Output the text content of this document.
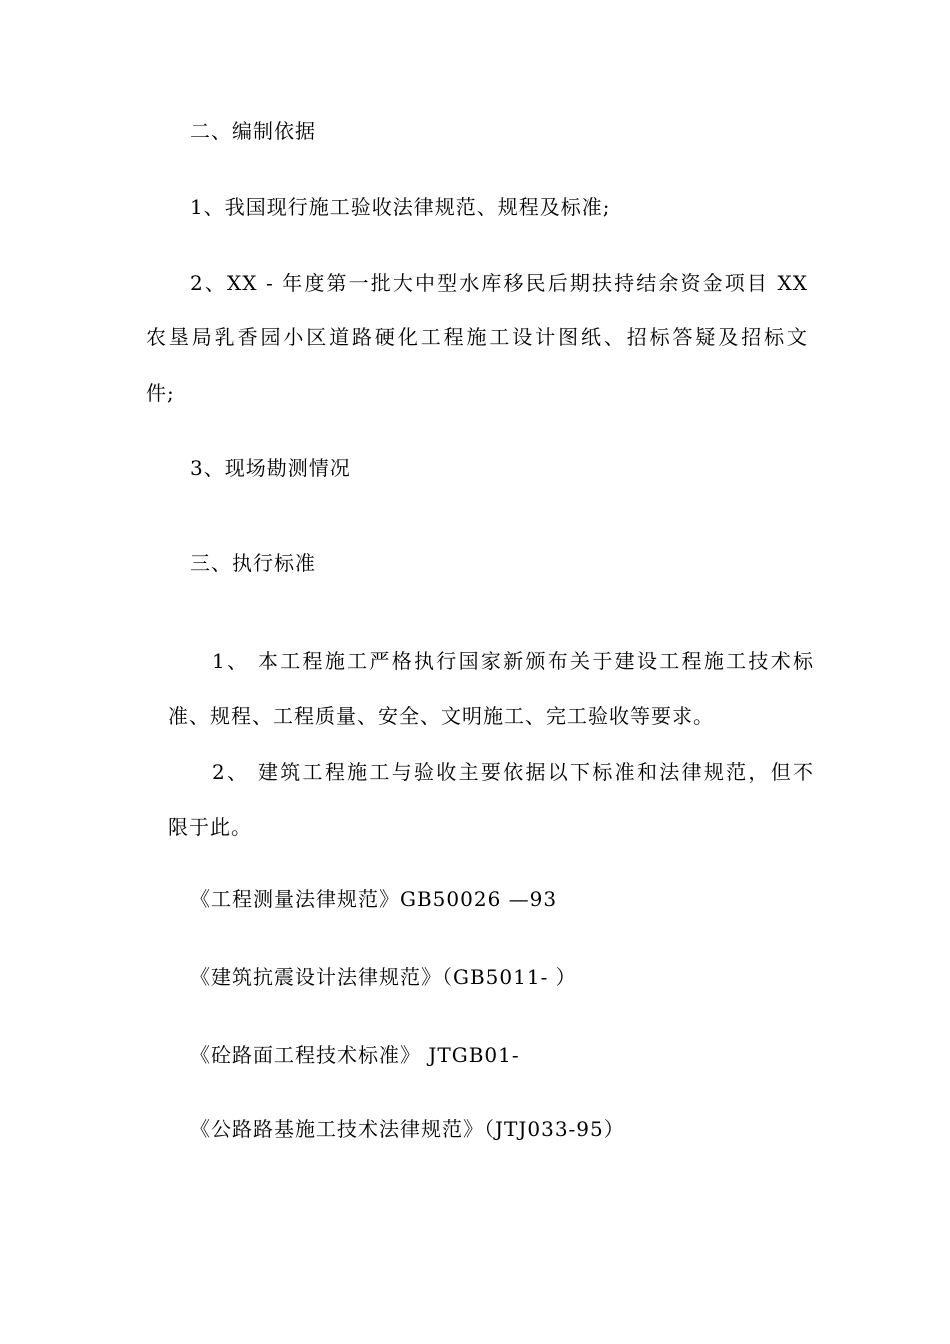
二、编制依据
1、我国现行施工验收法律规范、规程及标准;
2、XX - 年度第一批大中型水库移民后期扶持结余资金项目 XX
农垦局乳香园小区道路硬化工程施工设计图纸、招标答疑及招标文
件;
3、现场勘测情况
三、执行标准
1、 本工程施工严格执行国家新颁布关于建设工程施工技术标
准、规程、工程质量、安全、文明施工、完工验收等要求。
2、 建筑工程施工与验收主要依据以下标准和法律规范，但不
限于此。
《工程测量法律规范》GB50026 —93
《建筑抗震设计法律规范》（GB5011- ）
《砼路面工程技术标准》 JTGB01-
《公路路基施工技术法律规范》（JTJ033-95）
